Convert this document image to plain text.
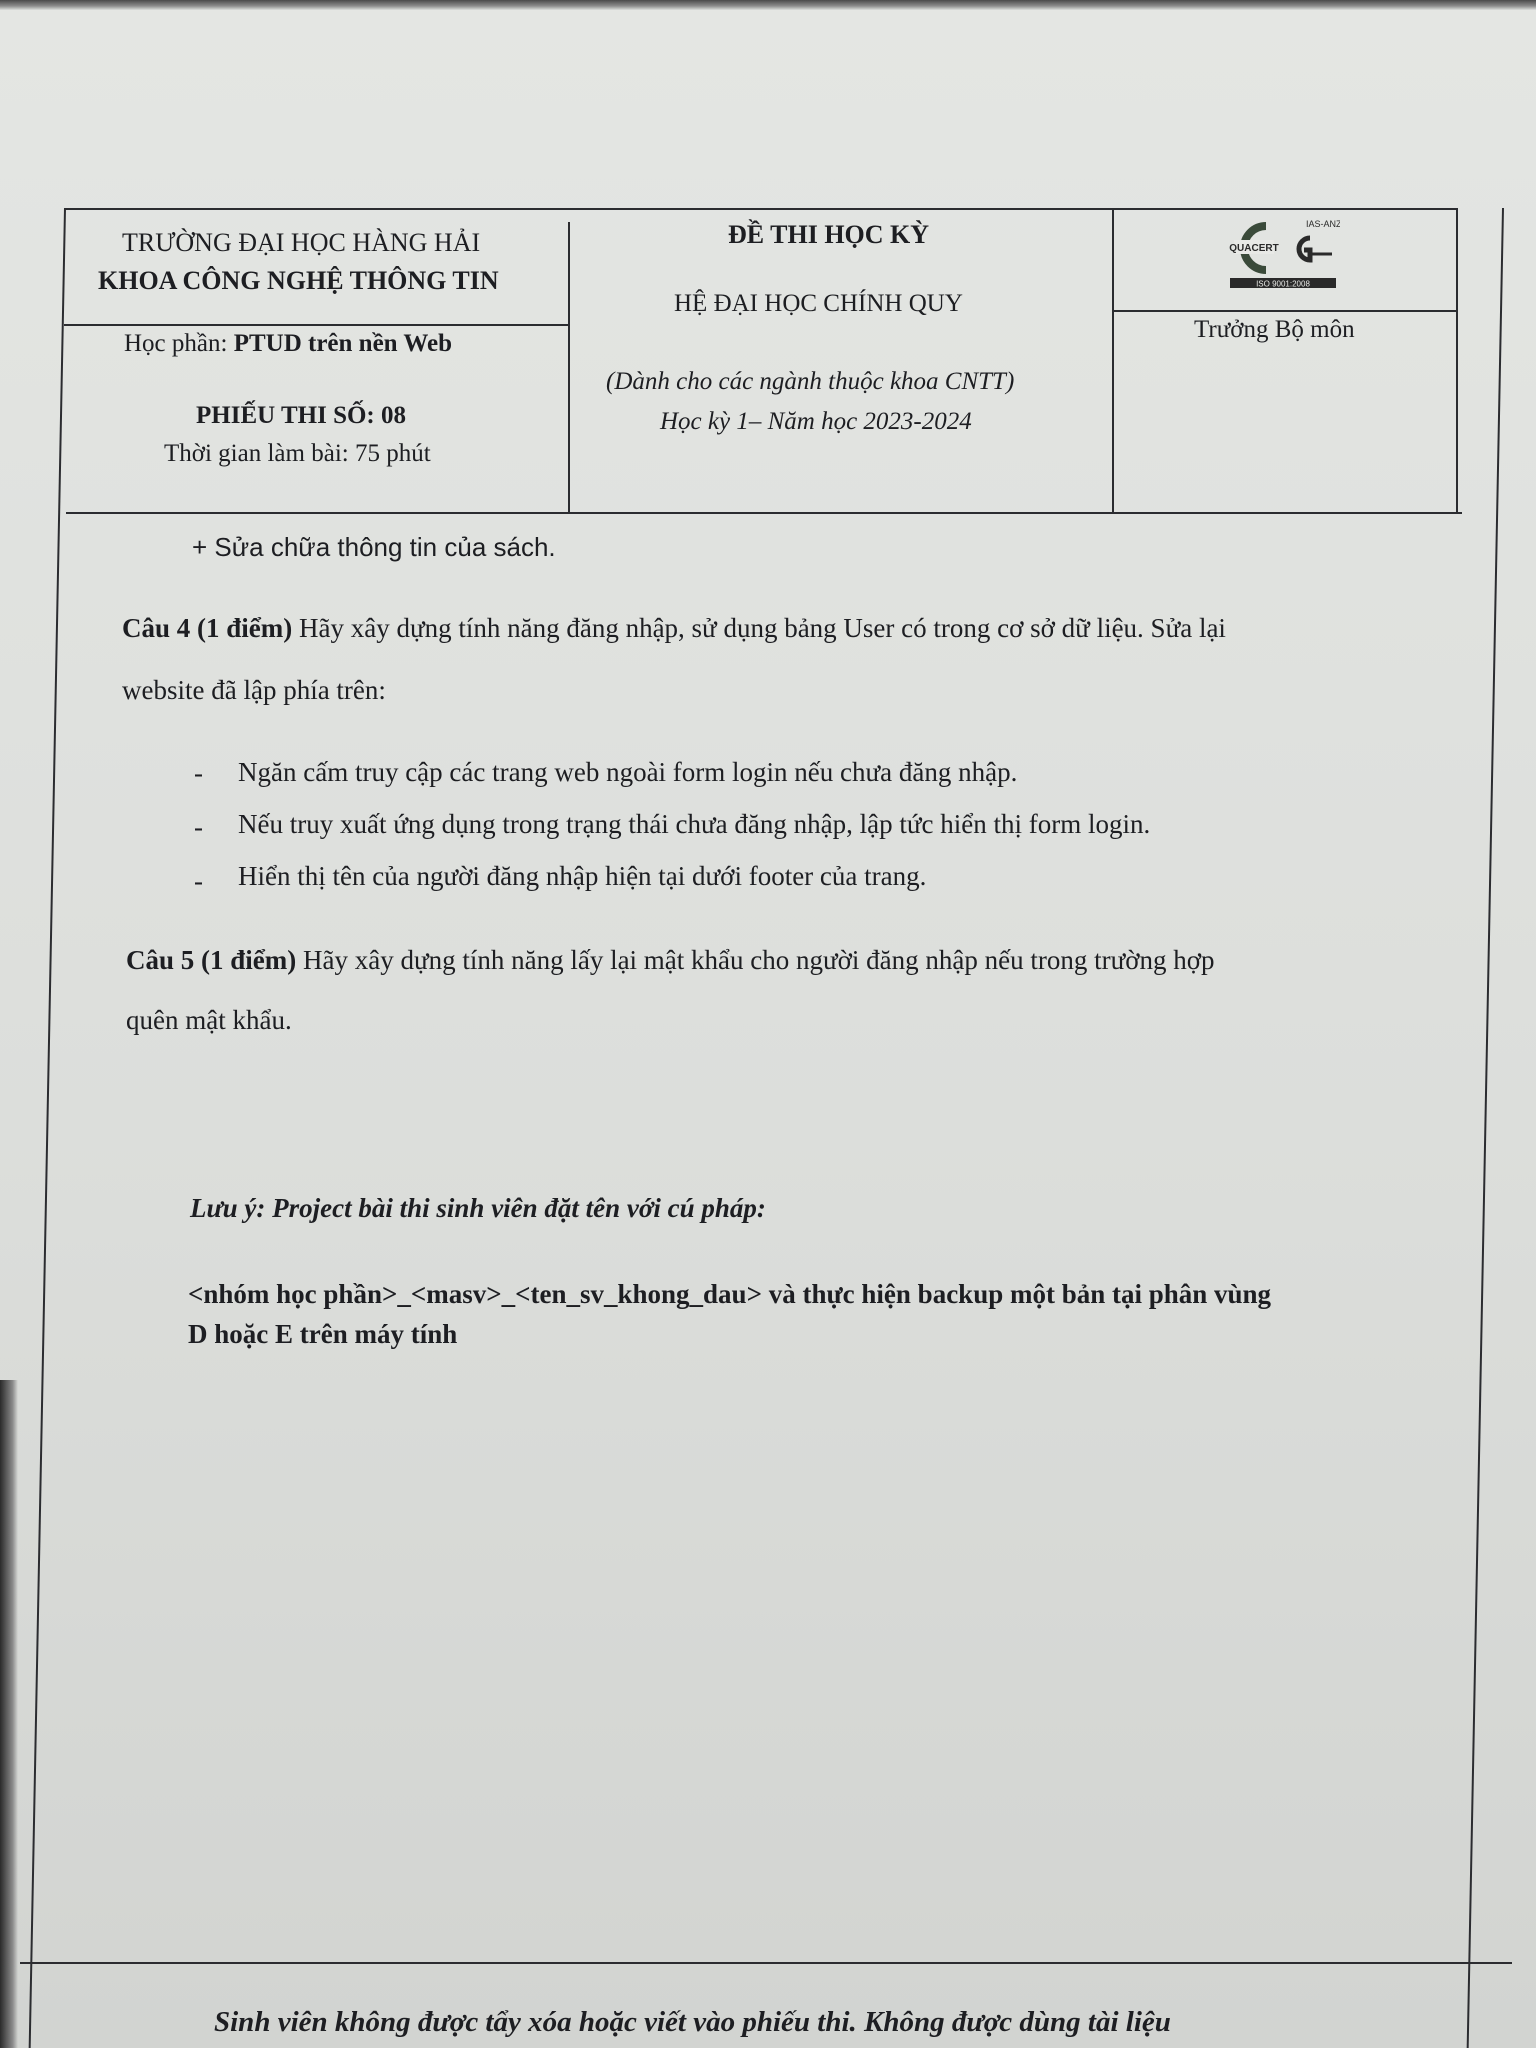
TRƯỜNG ĐẠI HỌC HÀNG HẢI
KHOA CÔNG NGHỆ THÔNG TIN
Học phần: PTUD trên nền Web
PHIẾU THI SỐ: 08
Thời gian làm bài: 75 phút
ĐỀ THI HỌC KỲ
HỆ ĐẠI HỌC CHÍNH QUY
(Dành cho các ngành thuộc khoa CNTT)
Học kỳ 1– Năm học 2023-2024
QUACERT
IAS-ANZ
ISO 9001:2008
Trưởng Bộ môn
+ Sửa chữa thông tin của sách.
Câu 4 (1 điểm) Hãy xây dựng tính năng đăng nhập, sử dụng bảng User có trong cơ sở dữ liệu. Sửa lại
website đã lập phía trên:
- Ngăn cấm truy cập các trang web ngoài form login nếu chưa đăng nhập.
- Nếu truy xuất ứng dụng trong trạng thái chưa đăng nhập, lập tức hiển thị form login.
- Hiển thị tên của người đăng nhập hiện tại dưới footer của trang.
Câu 5 (1 điểm) Hãy xây dựng tính năng lấy lại mật khẩu cho người đăng nhập nếu trong trường hợp
quên mật khẩu.
Lưu ý: Project bài thi sinh viên đặt tên với cú pháp:
<nhóm học phần>_<masv>_<ten_sv_khong_dau> và thực hiện backup một bản tại phân vùng
D hoặc E trên máy tính
Sinh viên không được tẩy xóa hoặc viết vào phiếu thi. Không được dùng tài liệu
